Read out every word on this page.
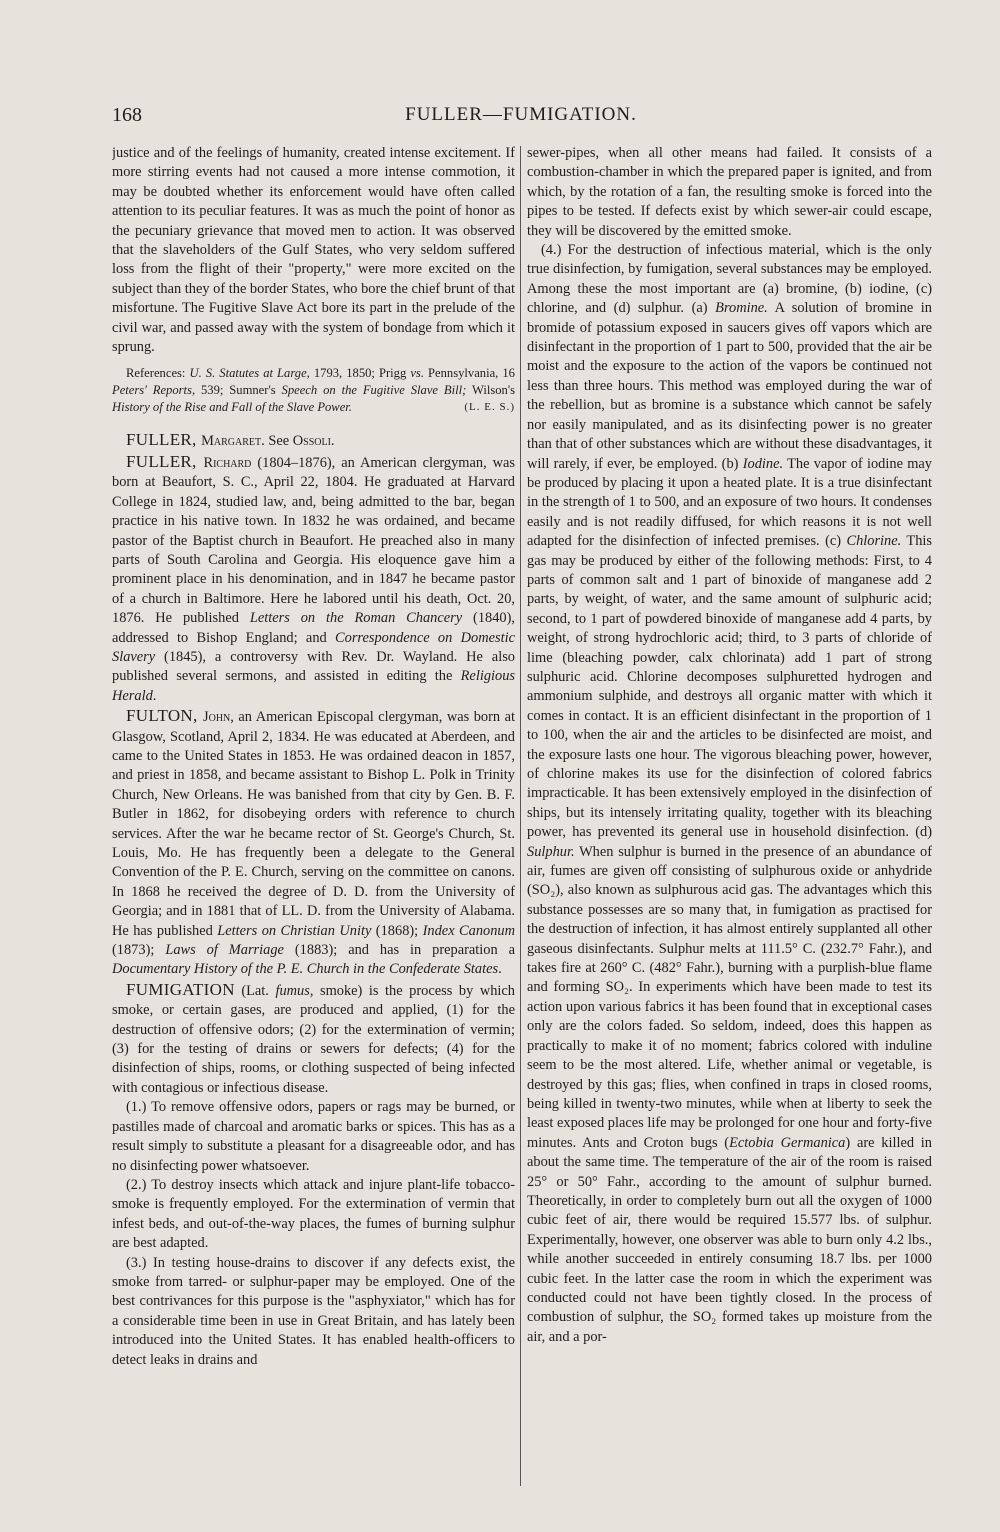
168	FULLER—FUMIGATION.

justice and of the feelings of humanity, created intense excitement. If more stirring events had not caused a more intense commotion, it may be doubted whether its enforcement would have often called attention to its peculiar features. It was as much the point of honor as the pecuniary grievance that moved men to action. It was observed that the slaveholders of the Gulf States, who very seldom suffered loss from the flight of their "property," were more excited on the subject than they of the border States, who bore the chief brunt of that misfortune. The Fugitive Slave Act bore its part in the prelude of the civil war, and passed away with the system of bondage from which it sprung.

References: U. S. Statutes at Large, 1793, 1850; Prigg vs. Pennsylvania, 16 Peters' Reports, 539; Sumner's Speech on the Fugitive Slave Bill; Wilson's History of the Rise and Fall of the Slave Power.	(L. E. S.)

FULLER, Margaret. See Ossoli.

FULLER, Richard (1804–1876), an American clergyman, was born at Beaufort, S. C., April 22, 1804. He graduated at Harvard College in 1824, studied law, and, being admitted to the bar, began practice in his native town. In 1832 he was ordained, and became pastor of the Baptist church in Beaufort. He preached also in many parts of South Carolina and Georgia. His eloquence gave him a prominent place in his denomination, and in 1847 he became pastor of a church in Baltimore. Here he labored until his death, Oct. 20, 1876. He published Letters on the Roman Chancery (1840), addressed to Bishop England; and Correspondence on Domestic Slavery (1845), a controversy with Rev. Dr. Wayland. He also published several sermons, and assisted in editing the Religious Herald.

FULTON, John, an American Episcopal clergyman, was born at Glasgow, Scotland, April 2, 1834. He was educated at Aberdeen, and came to the United States in 1853. He was ordained deacon in 1857, and priest in 1858, and became assistant to Bishop L. Polk in Trinity Church, New Orleans. He was banished from that city by Gen. B. F. Butler in 1862, for disobeying orders with reference to church services. After the war he became rector of St. George's Church, St. Louis, Mo. He has frequently been a delegate to the General Convention of the P. E. Church, serving on the committee on canons. In 1868 he received the degree of D. D. from the University of Georgia; and in 1881 that of LL. D. from the University of Alabama. He has published Letters on Christian Unity (1868); Index Canonum (1873); Laws of Marriage (1883); and has in preparation a Documentary History of the P. E. Church in the Confederate States.

FUMIGATION (Lat. fumus, smoke) is the process by which smoke, or certain gases, are produced and applied, (1) for the destruction of offensive odors; (2) for the extermination of vermin; (3) for the testing of drains or sewers for defects; (4) for the disinfection of ships, rooms, or clothing suspected of being infected with contagious or infectious disease.

(1.) To remove offensive odors, papers or rags may be burned, or pastilles made of charcoal and aromatic barks or spices. This has as a result simply to substitute a pleasant for a disagreeable odor, and has no disinfecting power whatsoever.

(2.) To destroy insects which attack and injure plant-life tobacco-smoke is frequently employed. For the extermination of vermin that infest beds, and out-of-the-way places, the fumes of burning sulphur are best adapted.

(3.) In testing house-drains to discover if any defects exist, the smoke from tarred- or sulphur-paper may be employed. One of the best contrivances for this purpose is the "asphyxiator," which has for a considerable time been in use in Great Britain, and has lately been introduced into the United States. It has enabled health-officers to detect leaks in drains and

sewer-pipes, when all other means had failed. It consists of a combustion-chamber in which the prepared paper is ignited, and from which, by the rotation of a fan, the resulting smoke is forced into the pipes to be tested. If defects exist by which sewer-air could escape, they will be discovered by the emitted smoke.

(4.) For the destruction of infectious material, which is the only true disinfection, by fumigation, several substances may be employed. Among these the most important are (a) bromine, (b) iodine, (c) chlorine, and (d) sulphur. (a) Bromine. A solution of bromine in bromide of potassium exposed in saucers gives off vapors which are disinfectant in the proportion of 1 part to 500, provided that the air be moist and the exposure to the action of the vapors be continued not less than three hours. This method was employed during the war of the rebellion, but as bromine is a substance which cannot be safely nor easily manipulated, and as its disinfecting power is no greater than that of other substances which are without these disadvantages, it will rarely, if ever, be employed. (b) Iodine. The vapor of iodine may be produced by placing it upon a heated plate. It is a true disinfectant in the strength of 1 to 500, and an exposure of two hours. It condenses easily and is not readily diffused, for which reasons it is not well adapted for the disinfection of infected premises. (c) Chlorine. This gas may be produced by either of the following methods: First, to 4 parts of common salt and 1 part of binoxide of manganese add 2 parts, by weight, of water, and the same amount of sulphuric acid; second, to 1 part of powdered binoxide of manganese add 4 parts, by weight, of strong hydrochloric acid; third, to 3 parts of chloride of lime (bleaching powder, calx chlorinata) add 1 part of strong sulphuric acid. Chlorine decomposes sulphuretted hydrogen and ammonium sulphide, and destroys all organic matter with which it comes in contact. It is an efficient disinfectant in the proportion of 1 to 100, when the air and the articles to be disinfected are moist, and the exposure lasts one hour. The vigorous bleaching power, however, of chlorine makes its use for the disinfection of colored fabrics impracticable. It has been extensively employed in the disinfection of ships, but its intensely irritating quality, together with its bleaching power, has prevented its general use in household disinfection. (d) Sulphur. When sulphur is burned in the presence of an abundance of air, fumes are given off consisting of sulphurous oxide or anhydride (SO₂), also known as sulphurous acid gas. The advantages which this substance possesses are so many that, in fumigation as practised for the destruction of infection, it has almost entirely supplanted all other gaseous disinfectants. Sulphur melts at 111.5° C. (232.7° Fahr.), and takes fire at 260° C. (482° Fahr.), burning with a purplish-blue flame and forming SO₂. In experiments which have been made to test its action upon various fabrics it has been found that in exceptional cases only are the colors faded. So seldom, indeed, does this happen as practically to make it of no moment; fabrics colored with induline seem to be the most altered. Life, whether animal or vegetable, is destroyed by this gas; flies, when confined in traps in closed rooms, being killed in twenty-two minutes, while when at liberty to seek the least exposed places life may be prolonged for one hour and forty-five minutes. Ants and Croton bugs (Ectobia Germanica) are killed in about the same time. The temperature of the air of the room is raised 25° or 50° Fahr., according to the amount of sulphur burned. Theoretically, in order to completely burn out all the oxygen of 1000 cubic feet of air, there would be required 15.577 lbs. of sulphur. Experimentally, however, one observer was able to burn only 4.2 lbs., while another succeeded in entirely consuming 18.7 lbs. per 1000 cubic feet. In the latter case the room in which the experiment was conducted could not have been tightly closed. In the process of combustion of sulphur, the SO₂ formed takes up moisture from the air, and a por-
